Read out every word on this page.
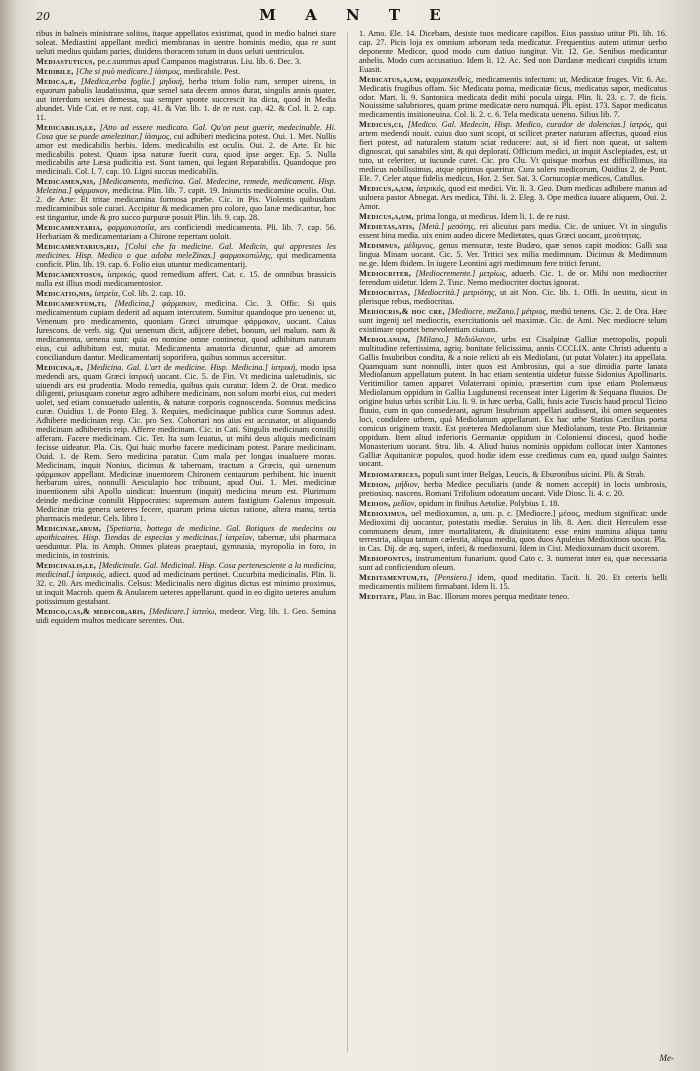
20	M A N T E

ribus in balneis ministrare solitos, itaque appellatos existimat, quod in medio balnei stare soleat. Mediastini appellant medici membranas in uentre hominis medio, qua re sunt ueluti medius quidam paries, diuidens thoracem totum in duos ueluti uentriculos.

Mediastuticus, pe.c.summus apud Campanos magistratus. Liu. lib. 6. Dec. 3.

Medibile, [Che si può medicare.] ἰάσιμος, medicabile. Pest.

Medica,æ, [Medica,erba foglie.] μηδική, herba trium folio rum, semper uirens, in equorum pabulis laudatissima, quæ semel sata decem annos durat, singulis annis quater, aut interdum sexies demessa, sua semper sponte succrescit ita dicta, quod in Media abundet. Vide Cat. et re rust. cap. 41. & Var. lib. 1. de re rust. cap. 42. & Col. li. 2. cap. 11.

Medicabilis,le, [Atto ad essere medicato. Gal. Qu'on peut guerir, medecinable. Hi. Cosa que se puede amelezinar.] ἰάσιμος, cui adhiberi medicina potest. Oui. 1. Met. Nullis amor est medicabilis herbis. Idem. medicabilis est oculis. Oui. 2. de Arte. Et hic medicabilis potest. Quam ipsa naturæ fuerit cura, quod ipse aeger. Ep. 5. Nulla medicabilis arte Læsa pudicitia est. Sunt tamen, qui legant Reparabilis. Quandoque pro medicinali. Col. l. 7. cap. 10. Ligni succus medicabilis.

Medicamen,nis, [Medicamento, medicina. Gal. Medecine, remede, medicament. Hisp. Melezina.] φάρμακον, medicina. Plin. lib. 7. capit. 19. Iniunctis medicamine oculis. Oui. 2. de Arte: Et tritae medicamina formosa præbe. Cic. in Pis. Violentis quibusdam medicaminibus sole curari. Accipitur & medicamen pro colore, quo lanæ medicantur, hoc est tinguntur, unde & pro succo purpuræ posuit Plin. lib. 9. cap. 28.

Medicamentaria, φαρμακοποιΐα, ars conficiendi medicamenta. Pli. lib. 7. cap. 56. Herbariam & medicamentariam a Chirone repertam uoluit.

Medicamentarius,rij, [Colui che fa medicine. Gal. Medicin, qui apprestes les medicines. Hisp. Medico o que adoba meleZinas.] φαρμακοπώλης, qui medicamenta conficit. Plin. lib. 19. cap. 6. Folio eius utuntur medicamentarij.

Medicamentosus, ἰατρικός, quod remedium affert. Cat. c. 15. de omnibus brassicis nulla est illius modi medicamentosior.

Medicatio,nis, ἰατρεία, Col. lib. 2. cap. 10.

Medicamentum,ti, [Medicina,] φάρμακον, medicina. Cic. 3. Offic. Si quis medicamentum cupiam dederit ad aquam intercutem. Sumitur quandoque pro ueneno: ut, Venenum pro medicamento, quoniam Græci utrumque φάρμακον, uocant. Caius Iurescons. de verb. sig. Qui uenenum dicit, adijcere debet, bonum, uel malum. nam & medicamenta, uenena sunt: quia eo nomine omne continetur, quod adhibitum naturam eius, cui adhibitum est, mutat. Medicamenta amatoria dicuntur, quæ ad amorem conciliandum dantur. Medicamentarij soporifera, quibus somnus accersitur.

Medicina,æ, [Medicina. Gal. L'art de medicine. Hisp. Medicina.] ἰατρική, modo ipsa medendi ars, quam Græci ἰατρική uocant. Cic. 5. de Fin. Vt medicina ualetudinis, sic uiuendi ars est prudentia. Modo remedia, quibus quis curatur. Idem 2. de Orat. medico diligenti, priusquam conetur ægro adhibere medicinam, non solum morbi eius, cui mederi uolet, sed etiam consuetudo ualentis, & naturæ corporis cognoscenda. Somnus medicina curæ. Ouidius 1. de Ponto Eleg. 3. Requies, medicinaque publica curæ Somnus adest. Adhibere medicinam reip. Cic. pro Sex. Cohortari nos aius est accusator, ut aliquando medicinam adhiberetis reip. Afferre medicinam. Cic. in Cati. Singulis medicinam consilij afferam. Facere medicinam. Cic. Ter. Ita sum leuatus, ut mihi deus aliquis medicinam fecisse uideatur. Pla. Cis. Qui huic morbo facere medicinam potest. Parare medicinam. Ouid. 1. de Rem. Sero medicina paratur. Cum mala per longas inualuere moras. Medicinam, inquit Nonius, dicimus & tabernam, tractum a Græcis, qui uenenum φάρμακον appellant. Medicinæ inuentorem Chironem centaurum perhibent. hic inuenit herbarum uires, nonnulli Aesculapio hoc tribuunt, apud Oui. 1. Met. medicinæ inuentionem sibi Apollo uindicat: Inuentum (inquit) medicina meum est. Plurimum deinde medicinæ contulit Hippocrates: supremum autem fastigium Galenus imposuit. Medicinæ tria genera ueteres fecere, quarum prima uictus ratione, altera manu, tertia pharmacis medetur. Cels. libro 1.

Medicinae,arum, [Spetiaria, bottega de medicine. Gal. Botiques de medecins ou apothicaires. Hisp. Tiendas de especias y medicinas.] ἰατρεῖον, tabernæ, ubi pharmaca uenduntur. Pla. in Amph. Omnes plateas praeptaui, gymnasia, myropolia in foro, in medicinis, in tostrinis.

Medicinalis,le, [Medicinale. Gal. Medicinal. Hisp. Cosa pertenesciente a la medicina, medicinal.] ἰατρικός, adiect. quod ad medicinam pertinet. Cucurbita medicinalis. Plin. li. 32. c. 20. Ars medicinalis. Celsus: Medicinalis nero digitus dictus est minimo proximus, ut inquit Macrob. quem & Anularem ueteres appellarunt. quod in eo digito ueteres anulum potissimum gestabant.

Medico,cas,& medicor,aris, [Medicare.] ἰατεύω, medeor. Virg. lib. 1. Geo. Semina uidi equidem multos medicare serentes. Oui.

1. Amo. Ele. 14. Dicebam, desiste tuos medicare capillos. Eius passiuo utitur Pli. lib. 16. cap. 27. Picis loja ex omnium arborum teda medicatur. Frequentius autem utimur uerbo deponente Medicor, quod modo cum datiuo iungitur. Vir. 12. Ge. Senibus medicantur anhelis. Modo cum accusatiuo. Idem li. 12. Ac. Sed non Dardanæ medicari cuspidis ictum Euasit.

Medicatus,a,um, φαρμακευθείς, medicamentis infectum: ut, Medicatæ fruges. Vir. 6. Ac. Medicatis frugibus offam. Sic Medicata poma, medicatæ ficus, medicatus sapor, medicatus odor. Mart. li. 9. Santonica medicata dedit mihi pocula uirga. Plin. li. 23. c. 7. de ficis. Nouissime salubriores, quam prime medicatæ nero numquá. Pli. epist. 173. Sapor medicatus medicamentis insitioneuina. Col. li. 2. c. 6. Tela medicata ueneno. Silius lib. 7.

Medicus,ci, [Medico. Gal. Medecin, Hisp. Medico, curador de dolencias.] ἰατρός, qui artem medendi nouit. cuius duo sunt scopi, ut scilicet præter naturam affectus, quoad eius fieri potest, ad naturalem statum sciat reducere: aut, si id fieri non queat, ut saltem dignoscat, qui sanabiles sint, & qui deplorati. Officium medici, ut inquit Asclepiades, est, ut tuto, ut celeriter, ut iucunde curet. Cic. pro Clu. Vt quisque morbus est difficillimus, ita medicus nobilissimus, atque optimus quæritur. Cura solers medicorum, Ouidius 2. de Pont. Ele. 7. Celer atque fidelis medicus, Hor. 2. Ser. Sat. 3. Cornucopiæ medicos, Catullus.

Medicus,a,um, ἰατρικός, quod est medici. Vir. li. 3. Geo. Dum medicas adhibere manus ad uulnera pastor Abnegat. Ars medica, Tibi. li. 2. Eleg. 3. Ope medica iuuare aliquem, Oui. 2. Amor.

Medicus,a,um, prima longa, ut medicus. Idem li. 1. de re rust.

Medietas,atis, [Metà.] μεσότης, rei alicuius pars media. Cic. de uniuer. Vt in singulis essent bina media. uix enim audeo dicere Medietates, quas Græci uocant, μεσότητας.

Medimnus, μέδιμνος, genus mensuræ, teste Budæo, quæ senos capit modios: Galli sua lingua Minam uocant. Cic. 5. Ver. Tritici sex milia medimnum. Dicimus & Medimnum ne.ge. Idem ibidem. In iugere Leontini agri medimnum fere tritici ferunt.

Mediocriter, [Mediocremente.] μετρίως, aduerb. Cic. 1. de or. Mihi non mediocriter ferendum uidetur. Idem 2. Tusc. Nemo mediocriter doctus ignorat.

Mediocritas, [Mediocrità.] μετριότης, ut ait Non. Cic. lib. 1. Offi. In uestitu, sicut in plerisque rebus, mediocritas.

Mediocris,& hoc cre, [Mediocre, meZano.] μέτριος, mediú tenens. Cic. 2. de Ora. Hæc sunt ingenij uel mediocris, exercitationis uel maximæ. Cic. de Ami. Nec mediocre telum existimare oportet benevolentiam ciuium.

Mediolanum, [Milano.] Μεδιόλανον, urbs est Cisalpinæ Galliæ metropolis, populi multitudine refertissima, agriq. bonitate felicissima, annis CCCLIX. ante Christi aduentu a Gallis Insubribus condita, & a noie relicti ab eis Mediolani, (ut putat Volater.) ita appellata. Quamquam sunt nonnulli, inter quos est Ambrosius, qui a sue dimidia parte lanata Mediolanum appellatum putent. In hac etiam sententia uidetur fuisse Sidonius Apollinaris. Veritimilior tamen apparet Volaterrani opinio, præsertim cum ipse etiam Ptolemæus Mediolanum oppidum in Gallia Lugdunensi recenseat inter Ligerim & Sequana fluuios. De origine huius urbis scribit Liu. li. 9. in hæc uerba, Galli, fusis acie Tuscis haud procul Ticino fluuio, cum in quo consederant, agrum Insubrium appellari audissent, ibi omen sequentes loci, condidere urbem, quá Mediolanum appellarunt. Ex hac urbe Statius Cæcilius poeta comicus originem traxit. Est præterea Mediolanum siue Mediolanum, teste Pto. Britanniæ oppidum. Item aliud inferioris Germaniæ oppidum in Coloniensi diocesi, quod hodie Monasterium uocant. Stra. lib. 4. Aliud huius nominis oppidum collocat inter Xantones Galliæ Aquitanicæ populos, quod hodie idem esse credimus cum eo, quod uulgo Saintes uocant.

Mediomatrices, populi sunt inter Belgas, Leucis, & Eburonibus uicini. Pli. & Strab.

Medion, μήδιον, herba Medice peculiaris (unde & nomen accepit) in locis umbrosis, pretiosisq. nascens. Romani Trifolium odoratum uocant. Vide Diosc. li. 4. c. 20.

Medion, μεδίον, opidum in finibus Aetoliæ. Polybius 1. 18.

Medioximus, uel medioxumus, a, um. p. c. [Mediocre.] μέσος, medium significat: unde Medioximi dij uocantur, potestatis mediæ. Seruius in lib. 8. Aen. dicit Herculem esse communem deum, inter mortalitatem, & diuinitatem: esse enim numina aliqua tantu terrestria, aliqua tantum cælestia, aliqua media, quos duos Apuleius Medioximos uocat. Pla. in Cas. Dij. de æq. superi, inferi, & medioxumi. Idem in Cist. Medioxumam ducit uxorem.

Mediopontus, instrumentum funarium. quod Cato c. 3. numerat inter ea, quæ necessaria sunt ad conficiendum oleum.

Meditamentum,ti, [Pensiero.] idem, quod meditatio. Tacit. li. 20. Et ceteris belli medicamentis militem firmabant. Idem li. 15.

Meditate, Plau. in Bac. Illorum mores perqua meditate teneo.

Me-
